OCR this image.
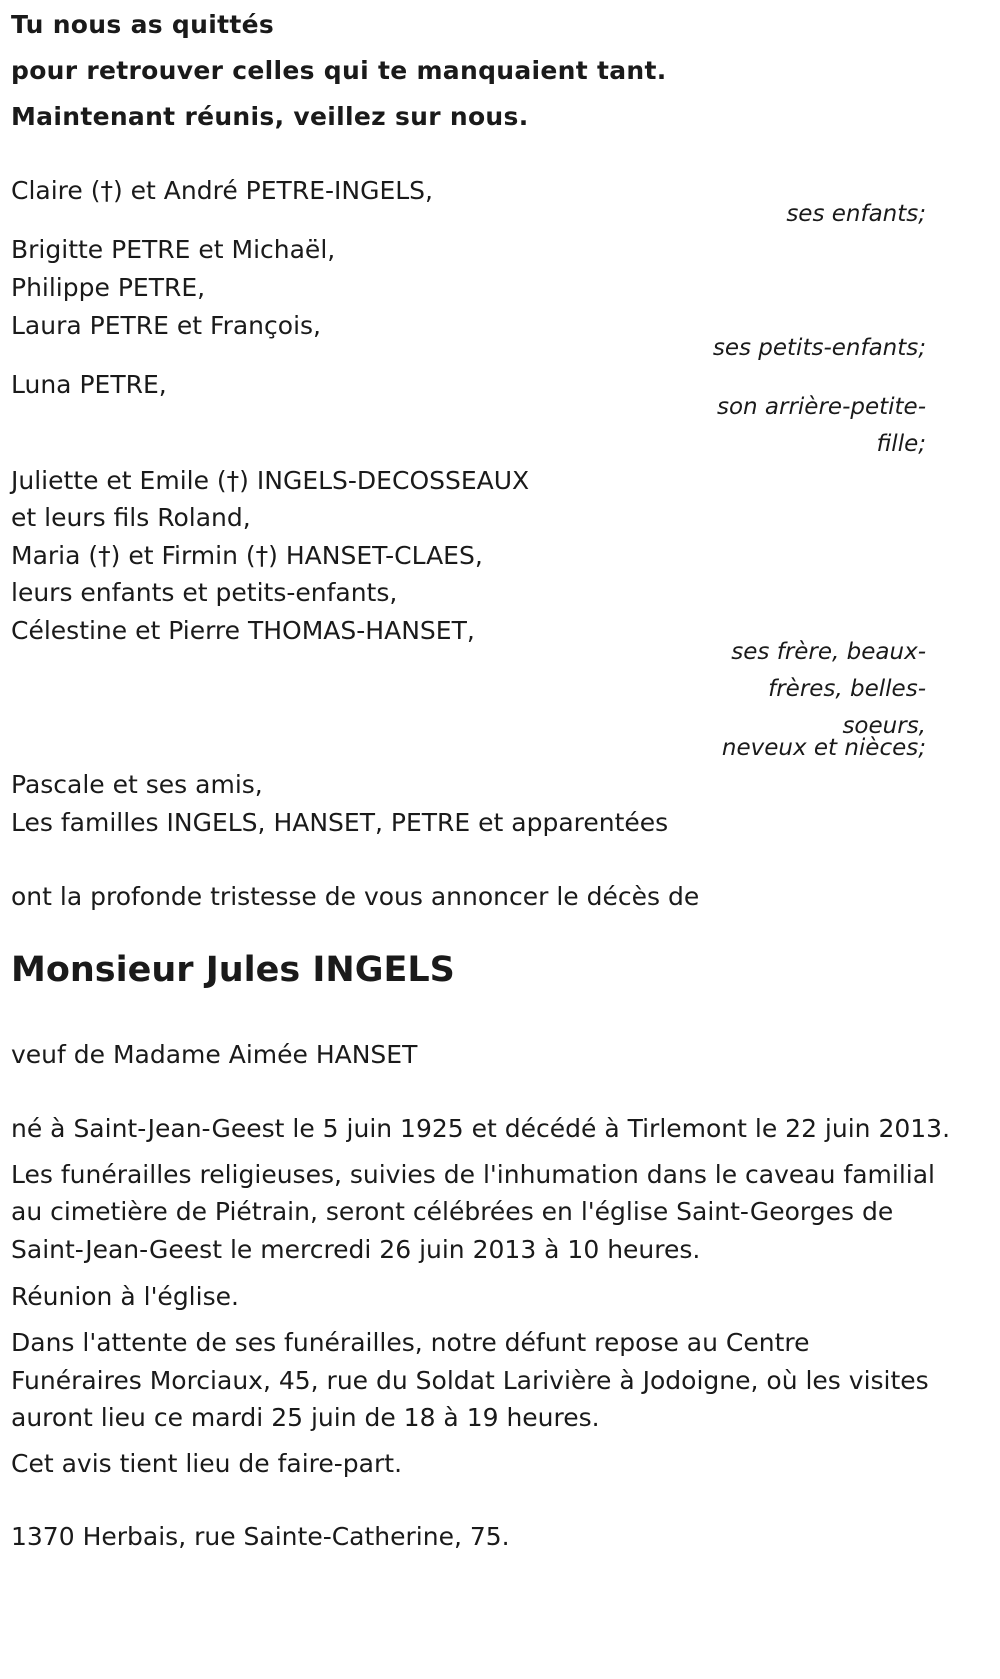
Tu nous as quittés
pour retrouver celles qui te manquaient tant.
Maintenant réunis, veillez sur nous.
Claire (†) et André PETRE-INGELS,
ses enfants;
Brigitte PETRE et Michaël,
Philippe PETRE,
Laura PETRE et François,
ses petits-enfants;
Luna PETRE,
son arrière-petite-
fille;
Juliette et Emile (†) INGELS-DECOSSEAUX
et leurs fils Roland,
Maria (†) et Firmin (†) HANSET-CLAES,
leurs enfants et petits-enfants,
Célestine et Pierre THOMAS-HANSET,
ses frère, beaux-
frères, belles-
soeurs,
neveux et nièces;
Pascale et ses amis,
Les familles INGELS, HANSET, PETRE et apparentées
ont la profonde tristesse de vous annoncer le décès de
Monsieur Jules INGELS
veuf de Madame Aimée HANSET
né à Saint-Jean-Geest le 5 juin 1925 et décédé à Tirlemont le 22 juin 2013.
Les funérailles religieuses, suivies de l'inhumation dans le caveau familial
au cimetière de Piétrain, seront célébrées en l'église Saint-Georges de
Saint-Jean-Geest le mercredi 26 juin 2013 à 10 heures.
Réunion à l'église.
Dans l'attente de ses funérailles, notre défunt repose au Centre
Funéraires Morciaux, 45, rue du Soldat Larivière à Jodoigne, où les visites
auront lieu ce mardi 25 juin de 18 à 19 heures.
Cet avis tient lieu de faire-part.
1370 Herbais, rue Sainte-Catherine, 75.
